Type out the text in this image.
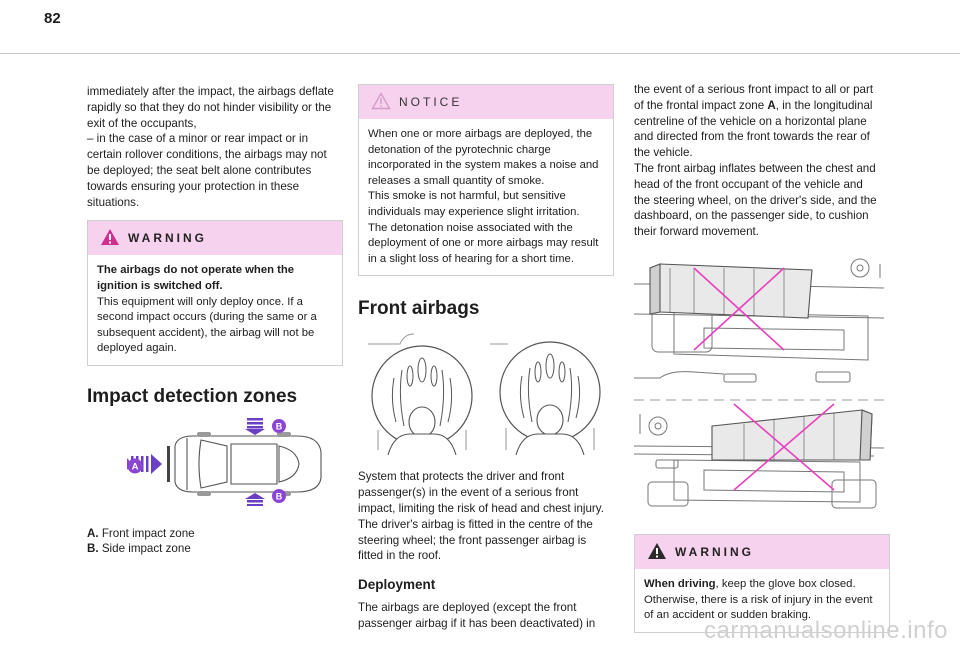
82

immediately after the impact, the airbags deflate

rapidly so that they do not hinder visibility or the

exit of the occupants,

– in the case of a minor or rear impact or in

certain rollover conditions, the airbags may not

be deployed; the seat belt alone contributes

towards ensuring your protection in these

situations.

WARNING

The airbags do not operate when the

ignition is switched off.

This equipment will only deploy once. If a

second impact occurs (during the same or a

subsequent accident), the airbag will not be

deployed again.

Impact detection zones
B
B
A

A. Front impact zone

B. Side impact zone

NOTICE

When one or more airbags are deployed, the

detonation of the pyrotechnic charge

incorporated in the system makes a noise and

releases a small quantity of smoke.

This smoke is not harmful, but sensitive

individuals may experience slight irritation.

The detonation noise associated with the

deployment of one or more airbags may result

in a slight loss of hearing for a short time.

Front airbags

System that protects the driver and front

passenger(s) in the event of a serious front

impact, limiting the risk of head and chest injury.

The driver's airbag is fitted in the centre of the

steering wheel; the front passenger airbag is

fitted in the roof.

Deployment

The airbags are deployed (except the front

passenger airbag if it has been deactivated) in

the event of a serious front impact to all or part

of the frontal impact zone A, in the longitudinal

centreline of the vehicle on a horizontal plane

and directed from the front towards the rear of

the vehicle.

The front airbag inflates between the chest and

head of the front occupant of the vehicle and

the steering wheel, on the driver's side, and the

dashboard, on the passenger side, to cushion

their forward movement.

WARNING

When driving, keep the glove box closed.

Otherwise, there is a risk of injury in the event

of an accident or sudden braking.

carmanualsonline.info
